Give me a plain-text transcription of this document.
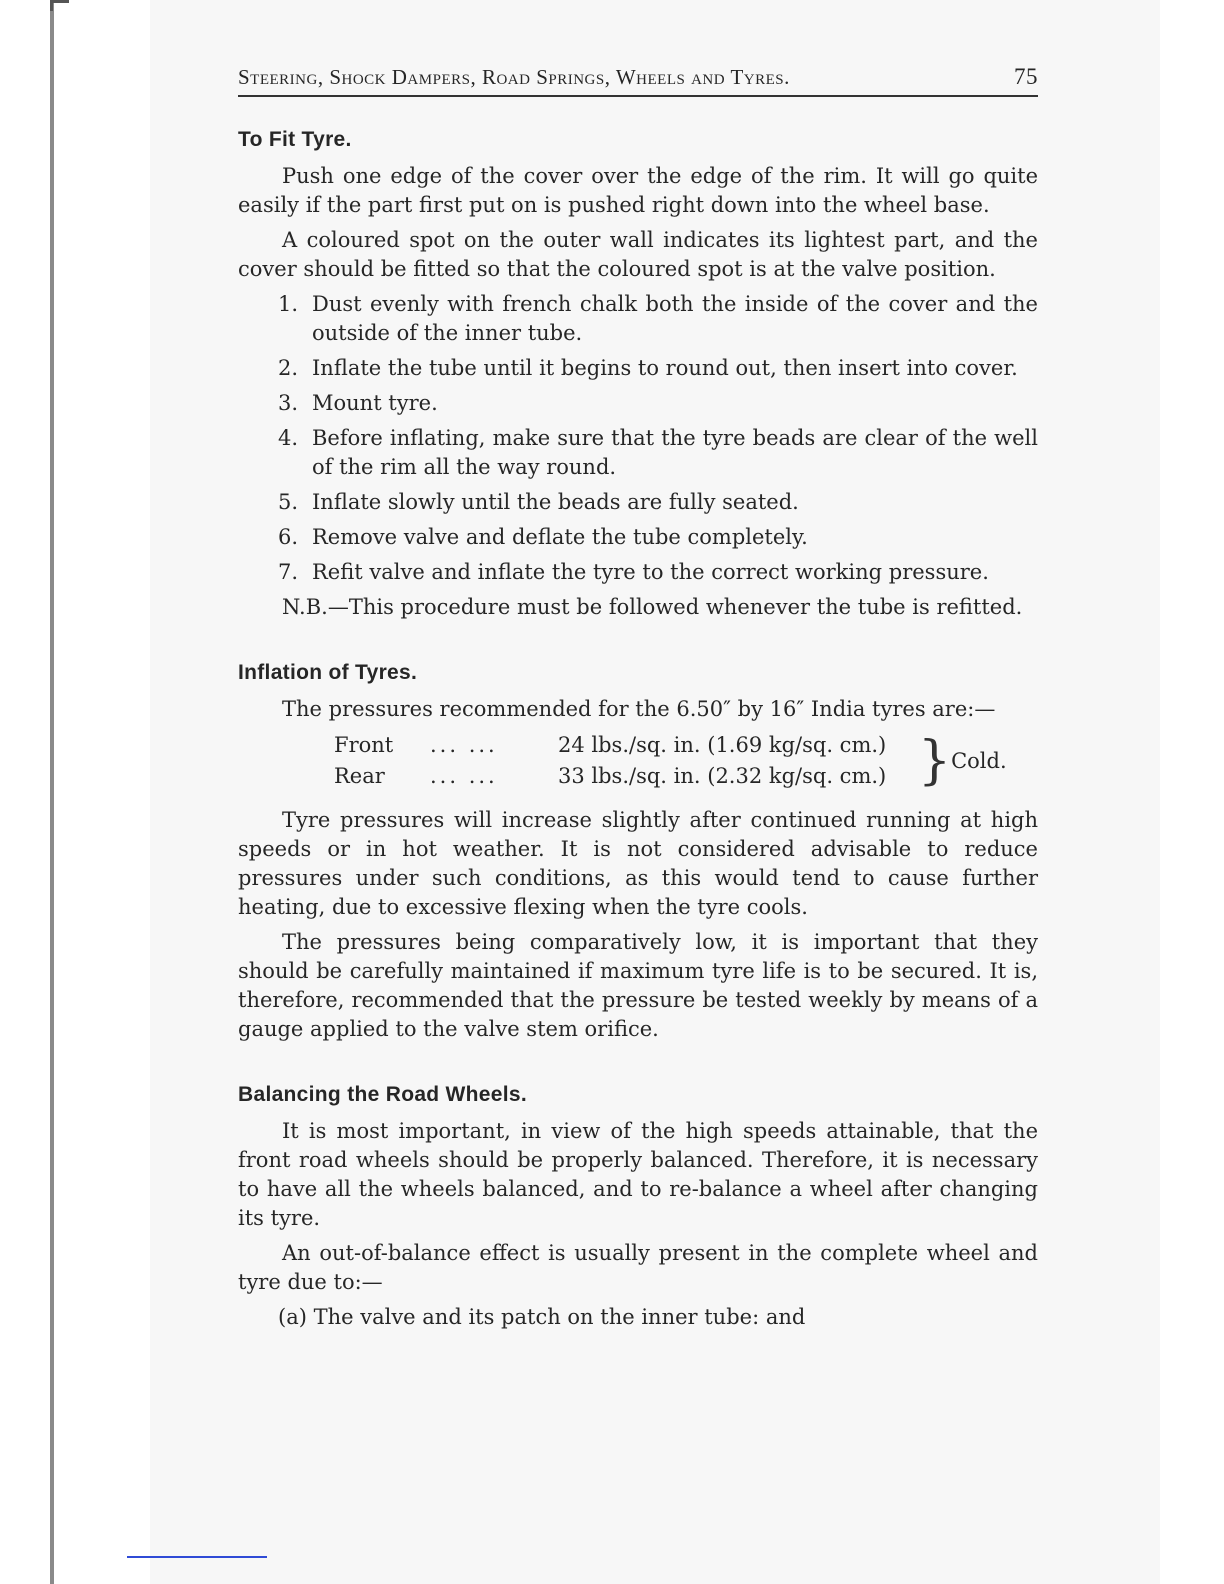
Steering, Shock Dampers, Road Springs, Wheels and Tyres.	75
To Fit Tyre.

Push one edge of the cover over the edge of the rim. It will go quite easily if the part first put on is pushed right down into the wheel base.

A coloured spot on the outer wall indicates its lightest part, and the cover should be fitted so that the coloured spot is at the valve position.

1. Dust evenly with french chalk both the inside of the cover and the outside of the inner tube.
2. Inflate the tube until it begins to round out, then insert into cover.
3. Mount tyre.
4. Before inflating, make sure that the tyre beads are clear of the well of the rim all the way round.
5. Inflate slowly until the beads are fully seated.
6. Remove valve and deflate the tube completely.
7. Refit valve and inflate the tyre to the correct working pressure.

N.B.—This procedure must be followed whenever the tube is refitted.

Inflation of Tyres.

The pressures recommended for the 6.50″ by 16″ India tyres are:—

Front	... ...	24 lbs./sq. in. (1.69 kg/sq. cm.)	}	Cold.
Rear	... ...	33 lbs./sq. in. (2.32 kg/sq. cm.)		

Tyre pressures will increase slightly after continued running at high speeds or in hot weather. It is not considered advisable to reduce pressures under such conditions, as this would tend to cause further heating, due to excessive flexing when the tyre cools.

The pressures being comparatively low, it is important that they should be carefully maintained if maximum tyre life is to be secured. It is, therefore, recommended that the pressure be tested weekly by means of a gauge applied to the valve stem orifice.

Balancing the Road Wheels.

It is most important, in view of the high speeds attainable, that the front road wheels should be properly balanced. Therefore, it is necessary to have all the wheels balanced, and to re-balance a wheel after changing its tyre.

An out-of-balance effect is usually present in the complete wheel and tyre due to:—

(a) The valve and its patch on the inner tube: and
